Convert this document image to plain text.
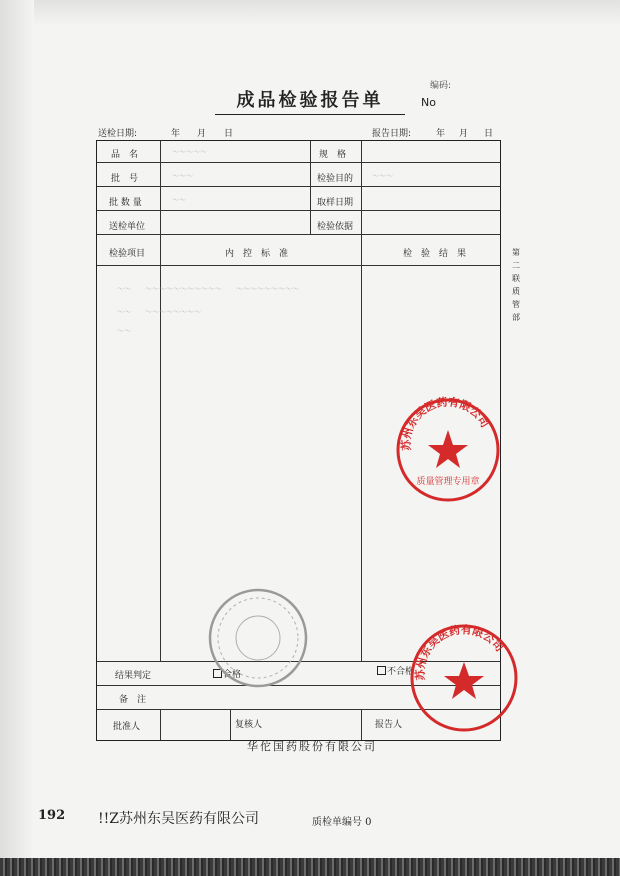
编码:
成品检验报告单	No
送检日期:	年 月 日	报告日期:	年 月 日
品　名	规　格
批　号	检验目的
批 数 量	取样日期
送检单位	检验依据
检验项目	内　控　标　准	检　验　结　果
～～～～～
～～～
～～
～～～
～～　　～～～～～～～～～～～　　～～～～～～～～～
～～　　～～～～～～～～
～～
结果判定	合格	不合格
备　注
批准人	复核人	报告人
第
二
联
质
管
部
苏州东吴医药有限公司
质量管理专用章
苏州东吴医药有限公司
华佗国药股份有限公司
192 !!Z苏州东吴医药有限公司	质检单编号 0
